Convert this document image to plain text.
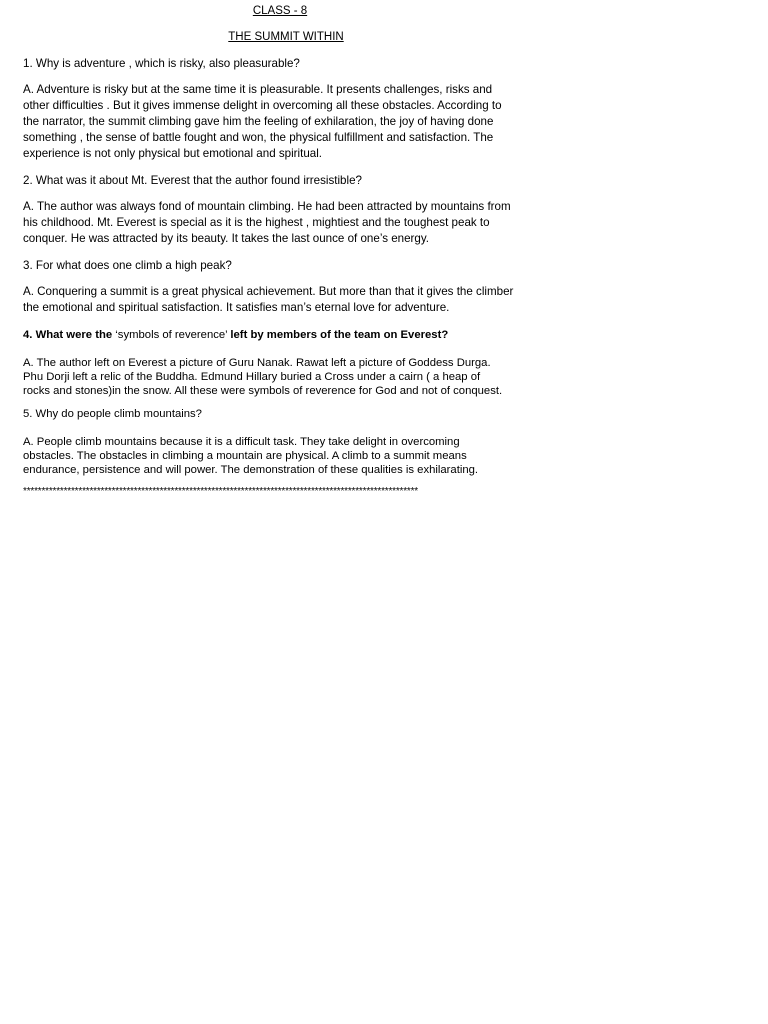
CLASS - 8
THE SUMMIT WITHIN
1. Why is adventure , which is risky, also pleasurable?
A. Adventure is risky but at the same time it is pleasurable. It presents challenges, risks and
other difficulties . But it gives immense delight in overcoming all these obstacles. According to
the narrator, the summit climbing gave him the feeling of exhilaration, the joy of having done
something , the sense of battle fought and won, the physical fulfillment and satisfaction. The
experience is not only physical but emotional and spiritual.
2. What was it about Mt. Everest that the author found irresistible?
A. The author was always fond of mountain climbing. He had been attracted by mountains from
his childhood. Mt. Everest is special as it is the highest , mightiest and the toughest peak to
conquer. He was attracted by its beauty. It takes the last ounce of one’s energy.
3. For what does one climb a high peak?
A. Conquering a summit is a great physical achievement. But more than that it gives the climber
the emotional and spiritual satisfaction. It satisfies man’s eternal love for adventure.
4. What were the ‘symbols of reverence’ left by members of the team on Everest?
A. The author left on Everest a picture of Guru Nanak. Rawat left a picture of Goddess Durga.
Phu Dorji left a relic of the Buddha. Edmund Hillary buried a Cross under a cairn ( a heap of
rocks and stones)in the snow. All these were symbols of reverence for God and not of conquest.
5. Why do people climb mountains?
A. People climb mountains because it is a difficult task. They take delight in overcoming
obstacles. The obstacles in climbing a mountain are physical. A climb to a summit means
endurance, persistence and will power. The demonstration of these qualities is exhilarating.
***********************************************************************************************************
